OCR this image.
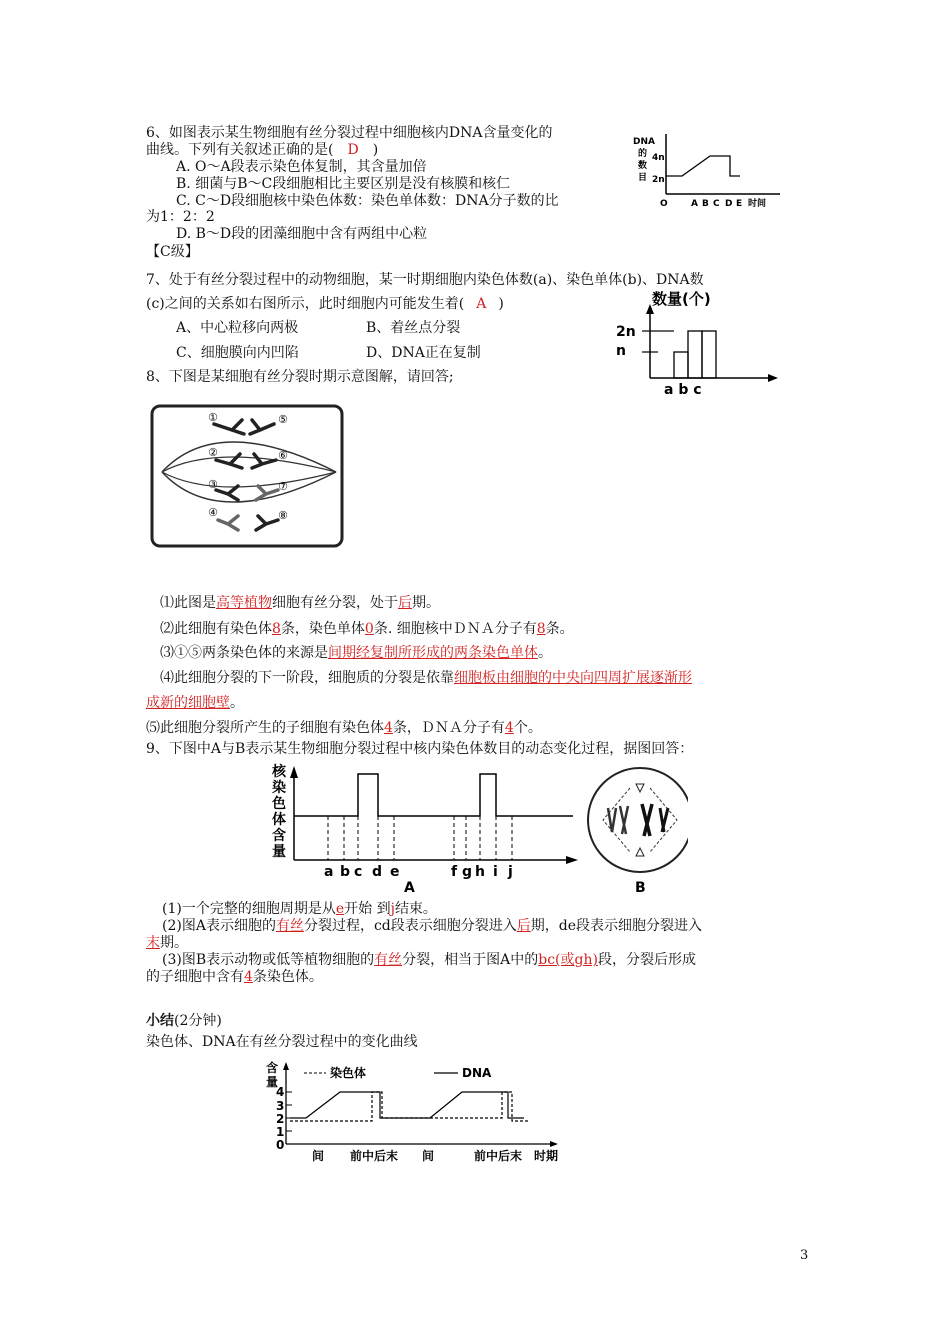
6、如图表示某生物细胞有丝分裂过程中细胞核内DNA含量变化的
曲线。下列有关叙述正确的是( D )
A. O～A段表示染色体复制，其含量加倍
B. 细菌与B～C段细胞相比主要区别是没有核膜和核仁
C. C～D段细胞核中染色体数：染色单体数：DNA分子数的比
为1：2：2
D. B～D段的团藻细胞中含有两组中心粒
DNA
的
数
目
4n
2n
O	A B C D E 时间
【C级】
7、处于有丝分裂过程中的动物细胞，某一时期细胞内染色体数(a)、染色单体(b)、DNA数
(c)之间的关系如右图所示，此时细胞内可能发生着( A )
A、中心粒移向两极	B、着丝点分裂
C、细胞膜向内凹陷	D、DNA正在复制
数量(个)
2n
n
a b c
8、下图是某细胞有丝分裂时期示意图解，请回答;
①
②
③
④
⑤
⑥
⑦
⑧
⑴此图是高等植物细胞有丝分裂，处于后期。
⑵此细胞有染色体8条，染色单体0条. 细胞核中ＤＮＡ分子有8条。
⑶①⑤两条染色体的来源是间期经复制所形成的两条染色单体。
⑷此细胞分裂的下一阶段，细胞质的分裂是依靠细胞板由细胞的中央向四周扩展逐渐形
成新的细胞壁。
⑸此细胞分裂所产生的子细胞有染色体4条，ＤＮＡ分子有4个。
9、下图中A与B表示某生物细胞分裂过程中核内染色体数目的动态变化过程，据图回答：
核
染
色
体
含
量
a b c d e	f g h i j
A	B
(1)一个完整的细胞周期是从e开始 到j结束。
(2)图A表示细胞的有丝分裂过程，cd段表示细胞分裂进入后期，de段表示细胞分裂进入
末期。
(3)图B表示动物或低等植物细胞的有丝分裂，相当于图A中的bc(或gh)段，分裂后形成
的子细胞中含有4条染色体。
小结(2分钟)
染色体、DNA在有丝分裂过程中的变化曲线
含
量
4
3
2
1
0
染色体	DNA
间 前中后末 间	前中后末 时期
3
